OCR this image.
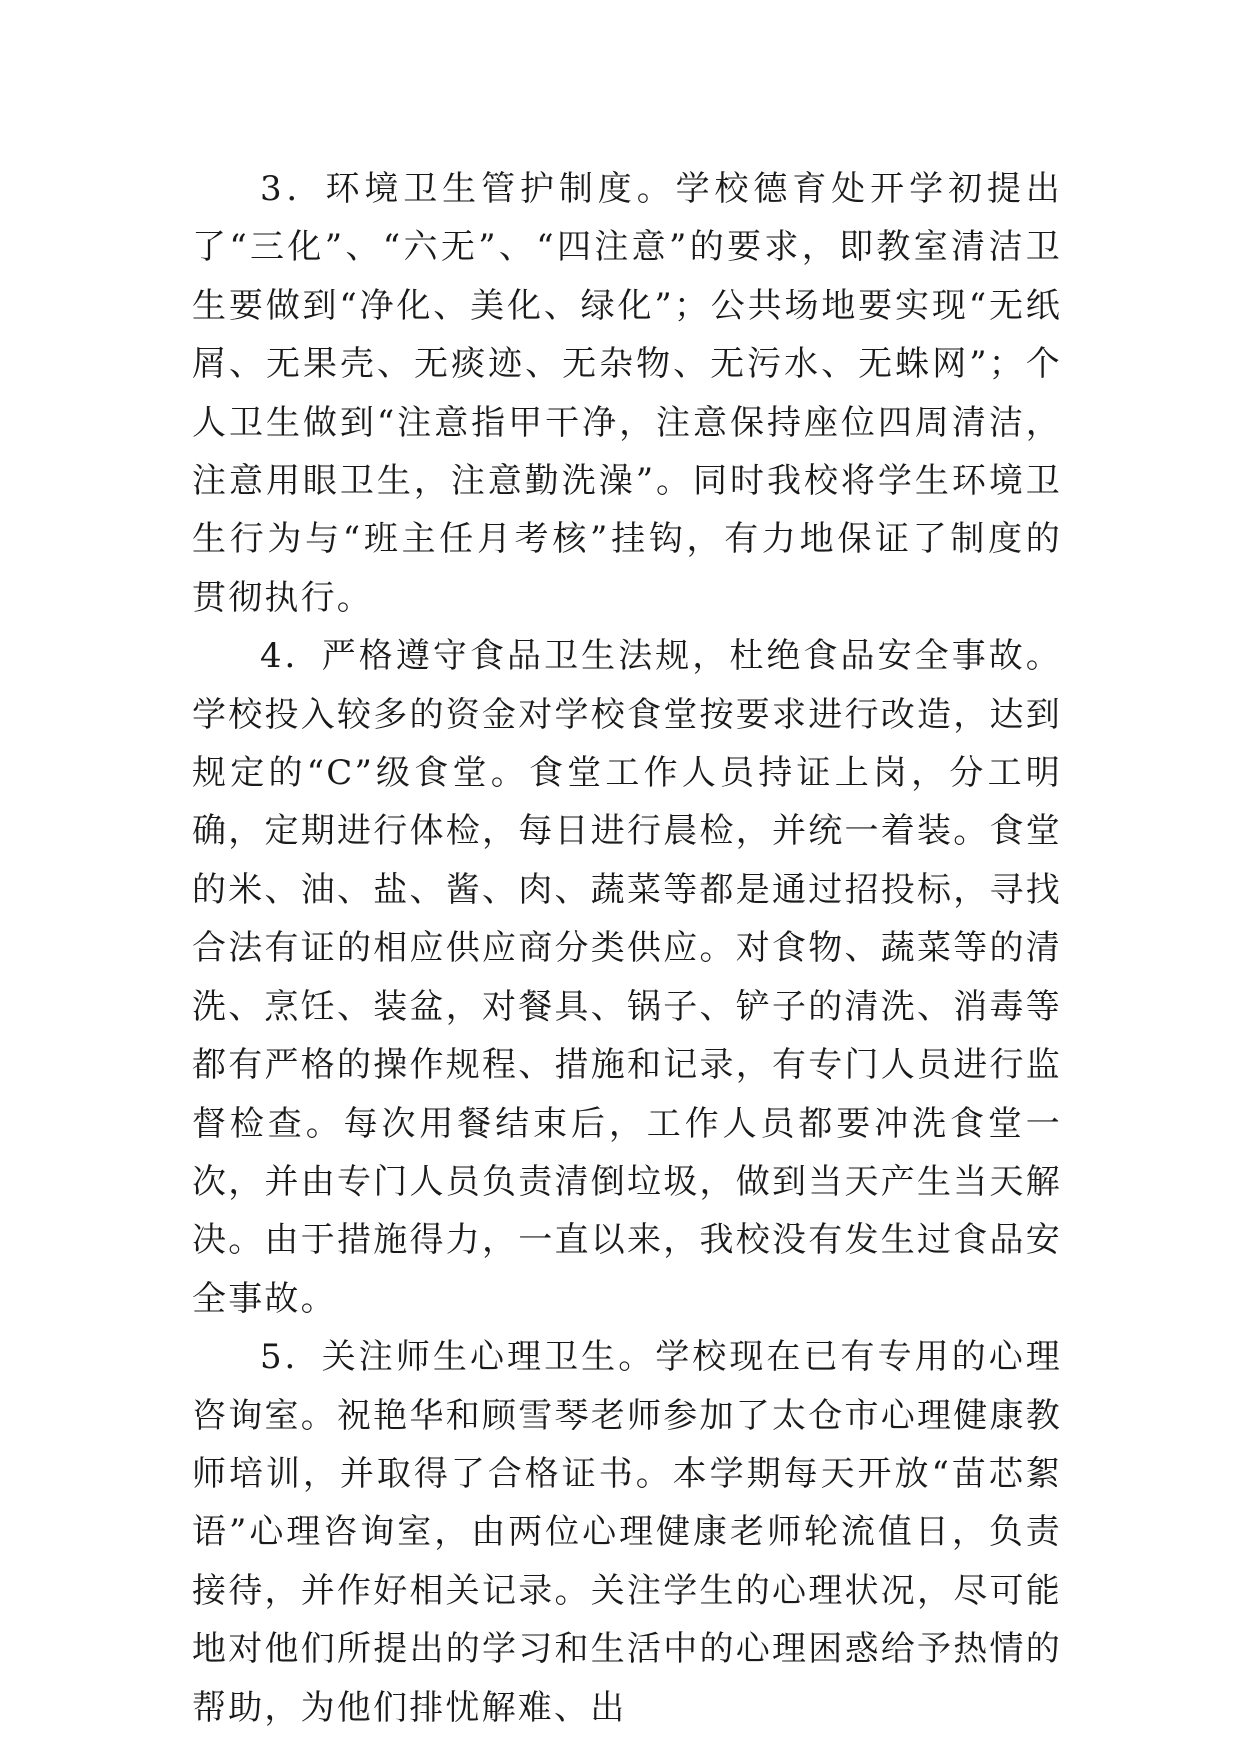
3．环境卫生管护制度。学校德育处开学初提出了“三化”、“六无”、“四注意”的要求，即教室清洁卫生要做到“净化、美化、绿化”；公共场地要实现“无纸屑、无果壳、无痰迹、无杂物、无污水、无蛛网”；个人卫生做到“注意指甲干净，注意保持座位四周清洁，注意用眼卫生，注意勤洗澡”。同时我校将学生环境卫生行为与“班主任月考核”挂钩，有力地保证了制度的贯彻执行。

4．严格遵守食品卫生法规，杜绝食品安全事故。学校投入较多的资金对学校食堂按要求进行改造，达到规定的“C”级食堂。食堂工作人员持证上岗，分工明确，定期进行体检，每日进行晨检，并统一着装。食堂的米、油、盐、酱、肉、蔬菜等都是通过招投标，寻找合法有证的相应供应商分类供应。对食物、蔬菜等的清洗、烹饪、装盆，对餐具、锅子、铲子的清洗、消毒等都有严格的操作规程、措施和记录，有专门人员进行监督检查。每次用餐结束后，工作人员都要冲洗食堂一次，并由专门人员负责清倒垃圾，做到当天产生当天解决。由于措施得力，一直以来，我校没有发生过食品安全事故。

5．关注师生心理卫生。学校现在已有专用的心理咨询室。祝艳华和顾雪琴老师参加了太仓市心理健康教师培训，并取得了合格证书。本学期每天开放“苗芯絮语”心理咨询室，由两位心理健康老师轮流值日，负责接待，并作好相关记录。关注学生的心理状况，尽可能地对他们所提出的学习和生活中的心理困惑给予热情的帮助，为他们排忧解难、出
